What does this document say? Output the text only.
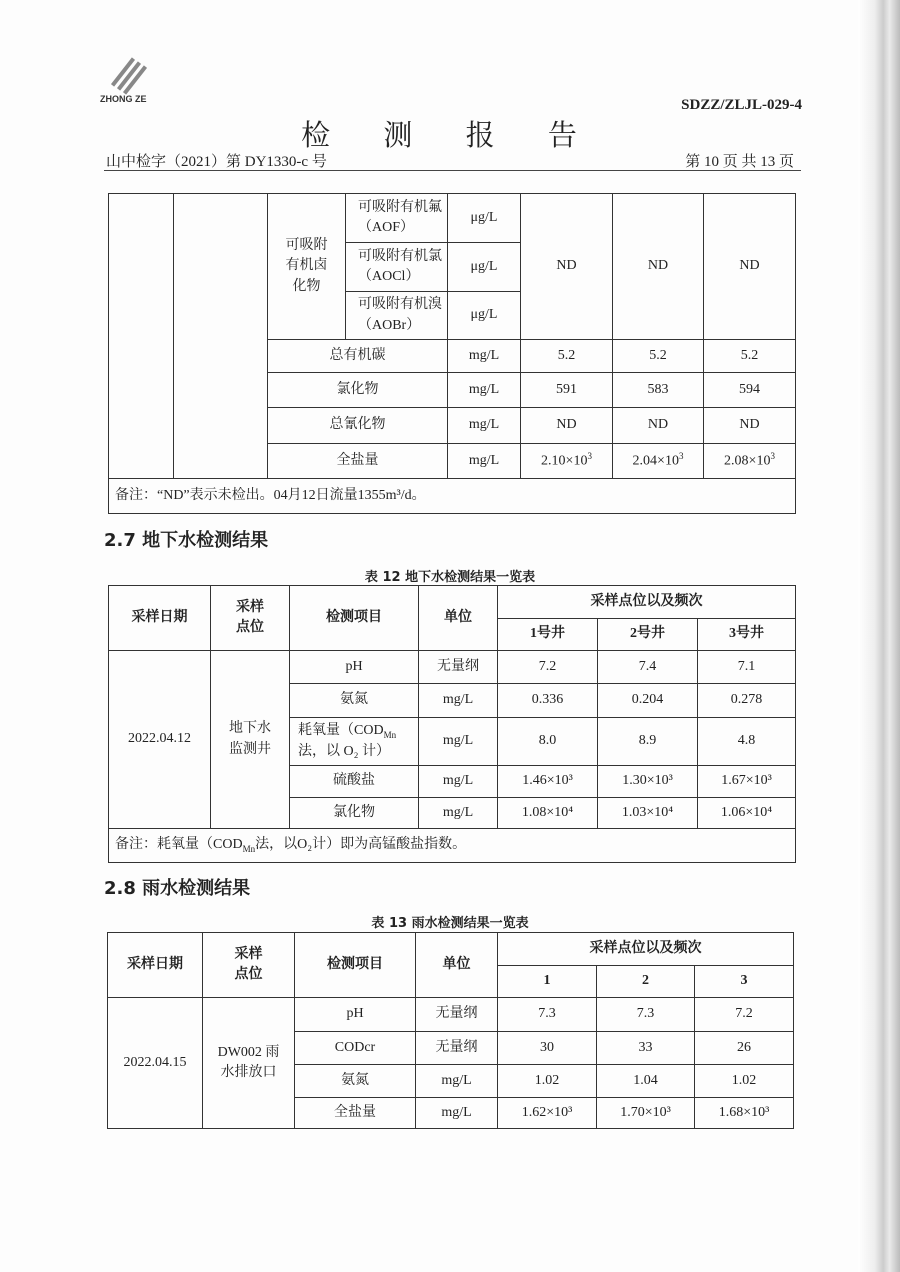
ZHONG ZE	SDZZ/ZLJL-029-4
检 测 报 告
山中检字（2021）第 DY1330-c 号	第 10 页 共 13 页

		可吸附有机卤化物	可吸附有机氟（AOF）	μg/L	ND	ND	ND
			可吸附有机氯（AOCl）	μg/L			
			可吸附有机溴（AOBr）	μg/L			
		总有机碳		mg/L	5.2	5.2	5.2
		氯化物		mg/L	591	583	594
		总氰化物		mg/L	ND	ND	ND
		全盐量		mg/L	$2.10\times 10^3$	$2.04\times 10^3$	$2.08\times 10^3$
备注：“ND”表示未检出。04月12日流量1355m³/d。							
2.7 地下水检测结果
表 12 地下水检测结果一览表
采样日期	采样点位	检测项目	单位	采样点位以及频次		
				1号井	2号井	3号井
2022.04.12	地下水监测井	pH	无量纲	7.2	7.4	7.1
		氨氮	mg/L	0.336	0.204	0.278
		耗氧量（$COD_{Mn}$
法，以 O₂ 计）	mg/L	8.0	8.9	4.8
		硫酸盐	mg/L	1.46×10³	1.30×10³	1.67×10³
		氯化物	mg/L	1.08×10⁴	1.03×10⁴	1.06×10⁴
备注：耗氧量（$COD_{Mn}$法，以O₂计）即为高锰酸盐指数。						
2.8 雨水检测结果
表 13 雨水检测结果一览表
采样日期	采样点位	检测项目	单位	采样点位以及频次		
				1	2	3
2022.04.15	DW002 雨水排放口	pH	无量纲	7.3	7.3	7.2
		CODcr	无量纲	30	33	26
		氨氮	mg/L	1.02	1.04	1.02
		全盐量	mg/L	1.62×10³	1.70×10³	1.68×10³
